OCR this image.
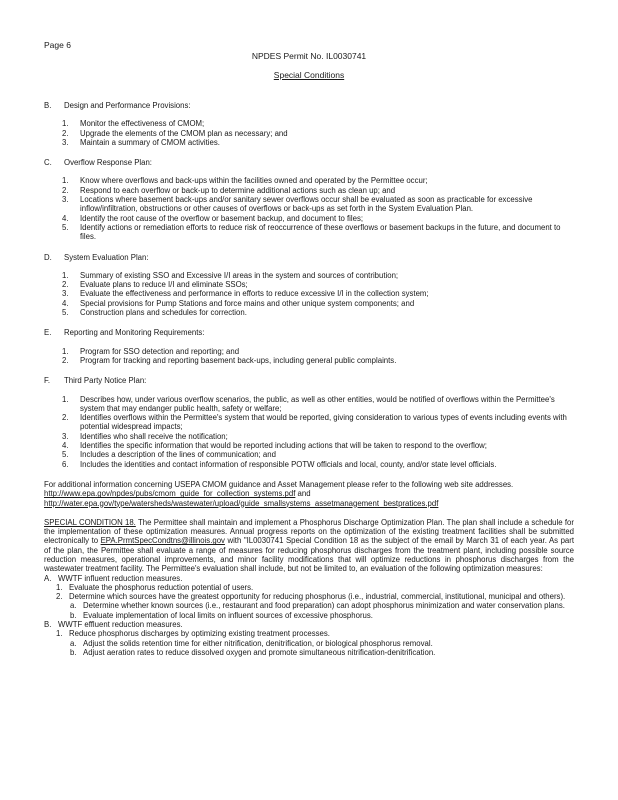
Page 6
NPDES Permit No. IL0030741
Special Conditions
B.	Design and Performance Provisions:
1.	Monitor the effectiveness of CMOM;
2.	Upgrade the elements of the CMOM plan as necessary; and
3.	Maintain a summary of CMOM activities.
C.	Overflow Response Plan:
1.	Know where overflows and back-ups within the facilities owned and operated by the Permittee occur;
2.	Respond to each overflow or back-up to determine additional actions such as clean up; and
3.	Locations where basement back-ups and/or sanitary sewer overflows occur shall be evaluated as soon as practicable for excessive inflow/infiltration, obstructions or other causes of overflows or back-ups as set forth in the System Evaluation Plan.
4.	Identify the root cause of the overflow or basement backup, and document to files;
5.	Identify actions or remediation efforts to reduce risk of reoccurrence of these overflows or basement backups in the future, and document to files.
D.	System Evaluation Plan:
1.	Summary of existing SSO and Excessive I/I areas in the system and sources of contribution;
2.	Evaluate plans to reduce I/I and eliminate SSOs;
3.	Evaluate the effectiveness and performance in efforts to reduce excessive I/I in the collection system;
4.	Special provisions for Pump Stations and force mains and other unique system components; and
5.	Construction plans and schedules for correction.
E.	Reporting and Monitoring Requirements:
1.	Program for SSO detection and reporting; and
2.	Program for tracking and reporting basement back-ups, including general public complaints.
F.	Third Party Notice Plan:
1.	Describes how, under various overflow scenarios, the public, as well as other entities, would be notified of overflows within the Permittee's system that may endanger public health, safety or welfare;
2.	Identifies overflows within the Permittee's system that would be reported, giving consideration to various types of events including events with potential widespread impacts;
3.	Identifies who shall receive the notification;
4.	Identifies the specific information that would be reported including actions that will be taken to respond to the overflow;
5.	Includes a description of the lines of communication; and
6.	Includes the identities and contact information of responsible POTW officials and local, county, and/or state level officials.
For additional information concerning USEPA CMOM guidance and Asset Management please refer to the following web site addresses.
http://www.epa.gov/npdes/pubs/cmom_guide_for_collection_systems.pdf and
http://water.epa.gov/type/watersheds/wastewater/upload/guide_smallsystems_assetmanagement_bestpratices.pdf
SPECIAL CONDITION 18. The Permittee shall maintain and implement a Phosphorus Discharge Optimization Plan. The plan shall include a schedule for the implementation of these optimization measures. Annual progress reports on the optimization of the existing treatment facilities shall be submitted electronically to EPA.PrmtSpecCondtns@illinois.gov with "IL0030741 Special Condition 18 as the subject of the email by March 31 of each year. As part of the plan, the Permittee shall evaluate a range of measures for reducing phosphorus discharges from the treatment plant, including possible source reduction measures, operational improvements, and minor facility modifications that will optimize reductions in phosphorus discharges from the wastewater treatment facility. The Permittee's evaluation shall include, but not be limited to, an evaluation of the following optimization measures:
A. WWTF influent reduction measures.
1. Evaluate the phosphorus reduction potential of users.
2. Determine which sources have the greatest opportunity for reducing phosphorus (i.e., industrial, commercial, institutional, municipal and others).
a. Determine whether known sources (i.e., restaurant and food preparation) can adopt phosphorus minimization and water conservation plans.
b. Evaluate implementation of local limits on influent sources of excessive phosphorus.
B. WWTF effluent reduction measures.
1. Reduce phosphorus discharges by optimizing existing treatment processes.
a. Adjust the solids retention time for either nitrification, denitrification, or biological phosphorus removal.
b. Adjust aeration rates to reduce dissolved oxygen and promote simultaneous nitrification-denitrification.
